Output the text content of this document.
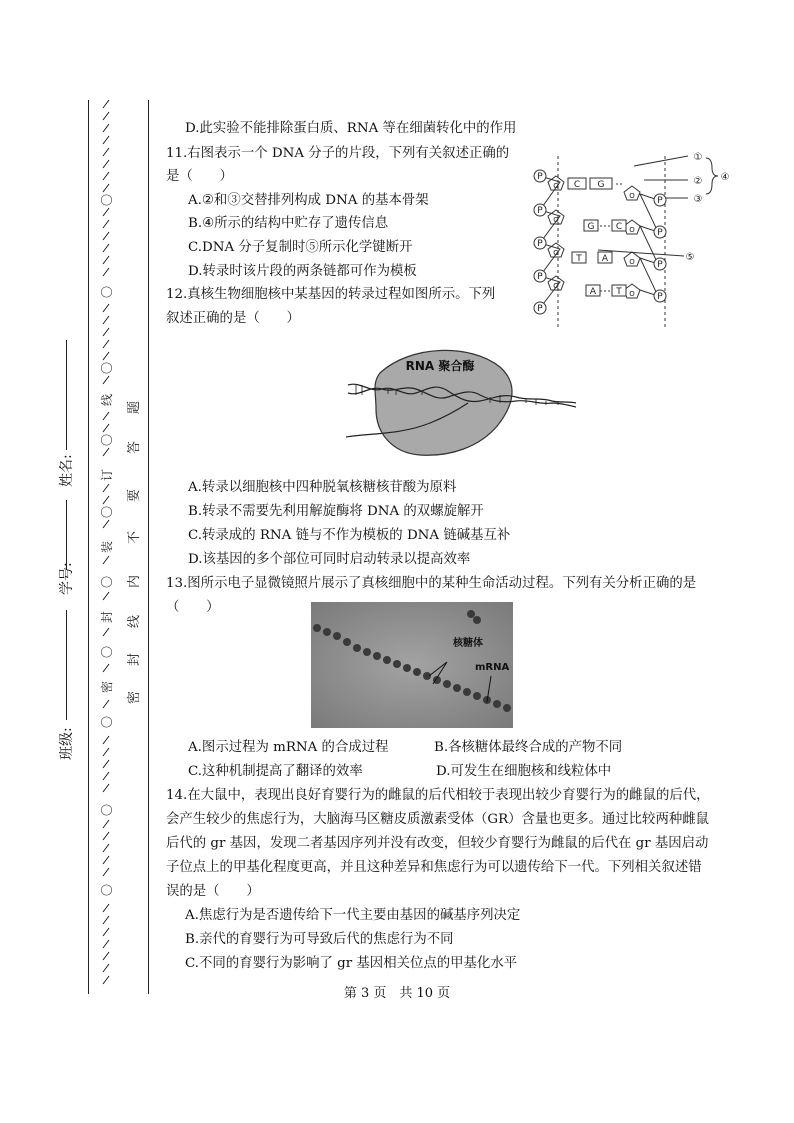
班级:
学号:
姓名:
〇
〇
〇
线
〇
订
〇
装
〇
封
〇
密
〇
〇
〇
密
封
线
内
不
要
答
题
D.此实验不能排除蛋白质、RNA 等在细菌转化中的作用
11.右图表示一个 DNA 分子的片段，下列有关叙述正确的
是（　　）
A.②和③交替排列构成 DNA 的基本骨架
B.④所示的结构中贮存了遗传信息
C.DNA 分子复制时⑤所示化学键断开
D.转录时该片段的两条链都可作为模板
P
P
P
P
P
P
P
P
P
C G
G C
T A
A T
O
O
O
O
O
O
O
O
①
②
③
④
⑤
12.真核生物细胞核中某基因的转录过程如图所示。下列
叙述正确的是（　　）
RNA 聚合酶
A.转录以细胞核中四种脱氧核糖核苷酸为原料
B.转录不需要先利用解旋酶将 DNA 的双螺旋解开
C.转录成的 RNA 链与不作为模板的 DNA 链碱基互补
D.该基因的多个部位可同时启动转录以提高效率
13.图所示电子显微镜照片展示了真核细胞中的某种生命活动过程。下列有关分析正确的是
（　　）
核糖体
mRNA
A.图示过程为 mRNA 的合成过程	B.各核糖体最终合成的产物不同
C.这种机制提高了翻译的效率	D.可发生在细胞核和线粒体中
14.在大鼠中，表现出良好育婴行为的雌鼠的后代相较于表现出较少育婴行为的雌鼠的后代，
会产生较少的焦虑行为，大脑海马区糖皮质激素受体（GR）含量也更多。通过比较两种雌鼠
后代的 gr 基因，发现二者基因序列并没有改变，但较少育婴行为雌鼠的后代在 gr 基因启动
子位点上的甲基化程度更高，并且这种差异和焦虑行为可以遗传给下一代。下列相关叙述错
误的是（　　）
A.焦虑行为是否遗传给下一代主要由基因的碱基序列决定
B.亲代的育婴行为可导致后代的焦虑行为不同
C.不同的育婴行为影响了 gr 基因相关位点的甲基化水平
第 3 页　共 10 页
